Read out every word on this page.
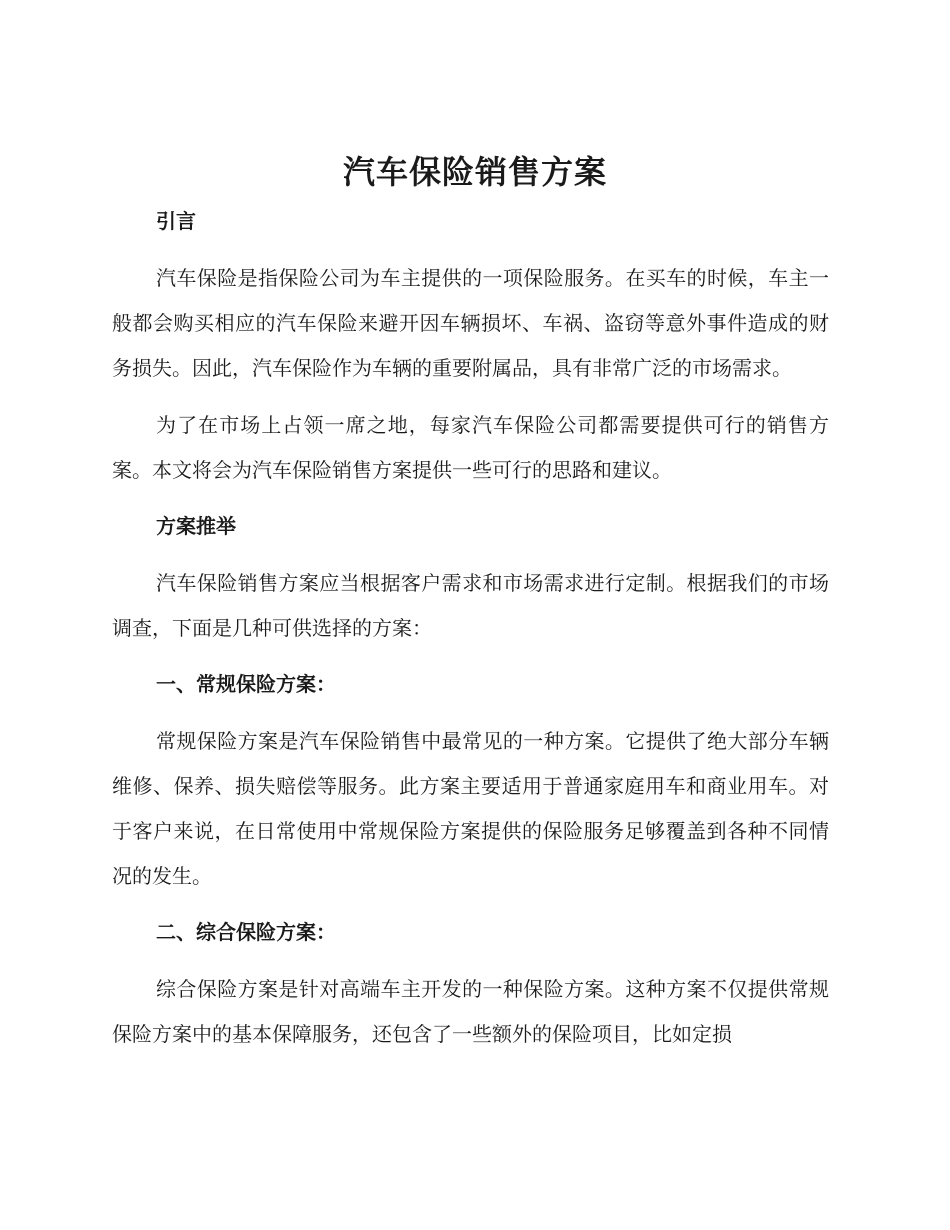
汽车保险销售方案
引言

汽车保险是指保险公司为车主提供的一项保险服务。在买车的时候，车主一般都会购买相应的汽车保险来避开因车辆损坏、车祸、盗窃等意外事件造成的财务损失。因此，汽车保险作为车辆的重要附属品，具有非常广泛的市场需求。

为了在市场上占领一席之地，每家汽车保险公司都需要提供可行的销售方案。本文将会为汽车保险销售方案提供一些可行的思路和建议。

方案推举

汽车保险销售方案应当根据客户需求和市场需求进行定制。根据我们的市场调查，下面是几种可供选择的方案：

一、常规保险方案：

常规保险方案是汽车保险销售中最常见的一种方案。它提供了绝大部分车辆维修、保养、损失赔偿等服务。此方案主要适用于普通家庭用车和商业用车。对于客户来说，在日常使用中常规保险方案提供的保险服务足够覆盖到各种不同情况的发生。

二、综合保险方案：

综合保险方案是针对高端车主开发的一种保险方案。这种方案不仅提供常规保险方案中的基本保障服务，还包含了一些额外的保险项目，比如定损
